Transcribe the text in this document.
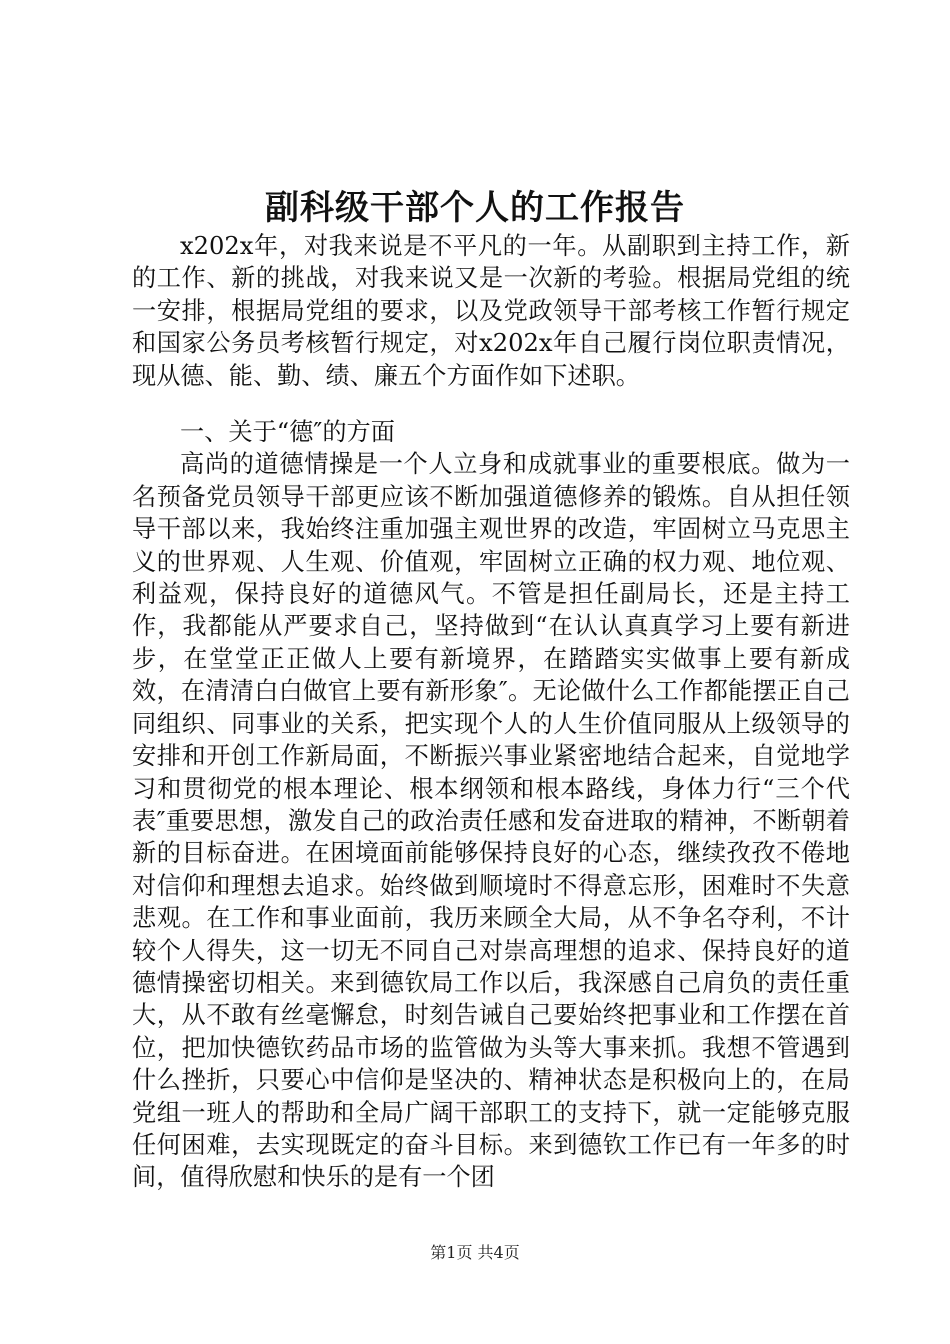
副科级干部个人的工作报告

x202x年，对我来说是不平凡的一年。从副职到主持工作，新的工作、新的挑战，对我来说又是一次新的考验。根据局党组的统一安排，根据局党组的要求，以及党政领导干部考核工作暂行规定和国家公务员考核暂行规定，对x202x年自己履行岗位职责情况，现从德、能、勤、绩、廉五个方面作如下述职。

一、关于“德″的方面

高尚的道德情操是一个人立身和成就事业的重要根底。做为一名预备党员领导干部更应该不断加强道德修养的锻炼。自从担任领导干部以来，我始终注重加强主观世界的改造，牢固树立马克思主义的世界观、人生观、价值观，牢固树立正确的权力观、地位观、利益观，保持良好的道德风气。不管是担任副局长，还是主持工作，我都能从严要求自己，坚持做到“在认认真真学习上要有新进步，在堂堂正正做人上要有新境界，在踏踏实实做事上要有新成效，在清清白白做官上要有新形象″。无论做什么工作都能摆正自己同组织、同事业的关系，把实现个人的人生价值同服从上级领导的安排和开创工作新局面，不断振兴事业紧密地结合起来，自觉地学习和贯彻党的根本理论、根本纲领和根本路线，身体力行“三个代表″重要思想，激发自己的政治责任感和发奋进取的精神，不断朝着新的目标奋进。在困境面前能够保持良好的心态，继续孜孜不倦地对信仰和理想去追求。始终做到顺境时不得意忘形，困难时不失意悲观。在工作和事业面前，我历来顾全大局，从不争名夺利，不计较个人得失，这一切无不同自己对崇高理想的追求、保持良好的道德情操密切相关。来到德钦局工作以后，我深感自己肩负的责任重大，从不敢有丝毫懈怠，时刻告诫自己要始终把事业和工作摆在首位，把加快德钦药品市场的监管做为头等大事来抓。我想不管遇到什么挫折，只要心中信仰是坚决的、精神状态是积极向上的，在局党组一班人的帮助和全局广阔干部职工的支持下，就一定能够克服任何困难，去实现既定的奋斗目标。来到德钦工作已有一年多的时间，值得欣慰和快乐的是有一个团

第1页 共4页
